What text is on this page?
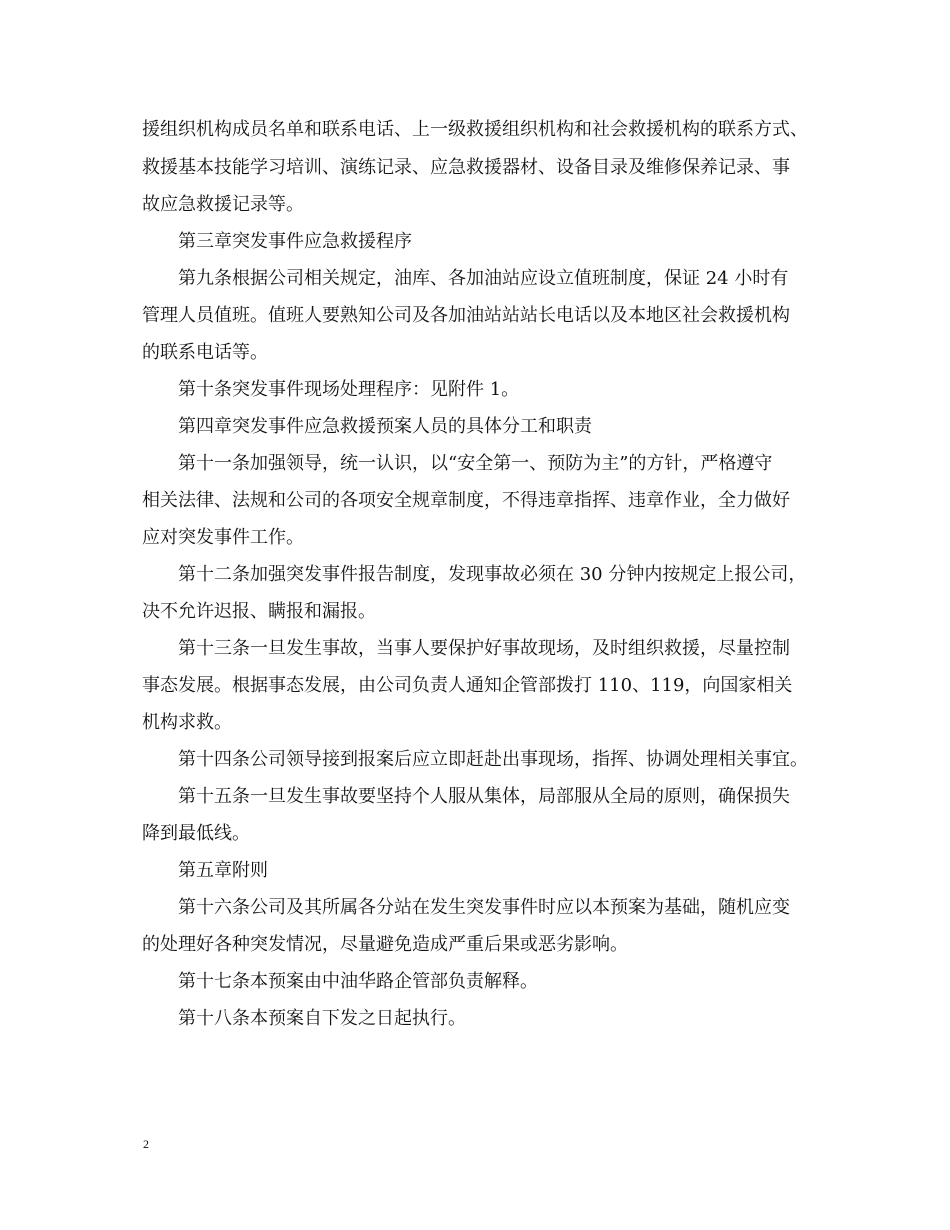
援组织机构成员名单和联系电话、上一级救援组织机构和社会救援机构的联系方式、
救援基本技能学习培训、演练记录、应急救援器材、设备目录及维修保养记录、事
故应急救援记录等。
第三章突发事件应急救援程序
第九条根据公司相关规定，油库、各加油站应设立值班制度，保证 24 小时有
管理人员值班。值班人要熟知公司及各加油站站站长电话以及本地区社会救援机构
的联系电话等。
第十条突发事件现场处理程序：见附件 1。
第四章突发事件应急救援预案人员的具体分工和职责
第十一条加强领导，统一认识，以“安全第一、预防为主”的方针，严格遵守
相关法律、法规和公司的各项安全规章制度，不得违章指挥、违章作业，全力做好
应对突发事件工作。
第十二条加强突发事件报告制度，发现事故必须在 30 分钟内按规定上报公司，
决不允许迟报、瞒报和漏报。
第十三条一旦发生事故，当事人要保护好事故现场，及时组织救援，尽量控制
事态发展。根据事态发展，由公司负责人通知企管部拨打 110、119，向国家相关
机构求救。
第十四条公司领导接到报案后应立即赶赴出事现场，指挥、协调处理相关事宜。
第十五条一旦发生事故要坚持个人服从集体，局部服从全局的原则，确保损失
降到最低线。
第五章附则
第十六条公司及其所属各分站在发生突发事件时应以本预案为基础，随机应变
的处理好各种突发情况，尽量避免造成严重后果或恶劣影响。
第十七条本预案由中油华路企管部负责解释。
第十八条本预案自下发之日起执行。
2
